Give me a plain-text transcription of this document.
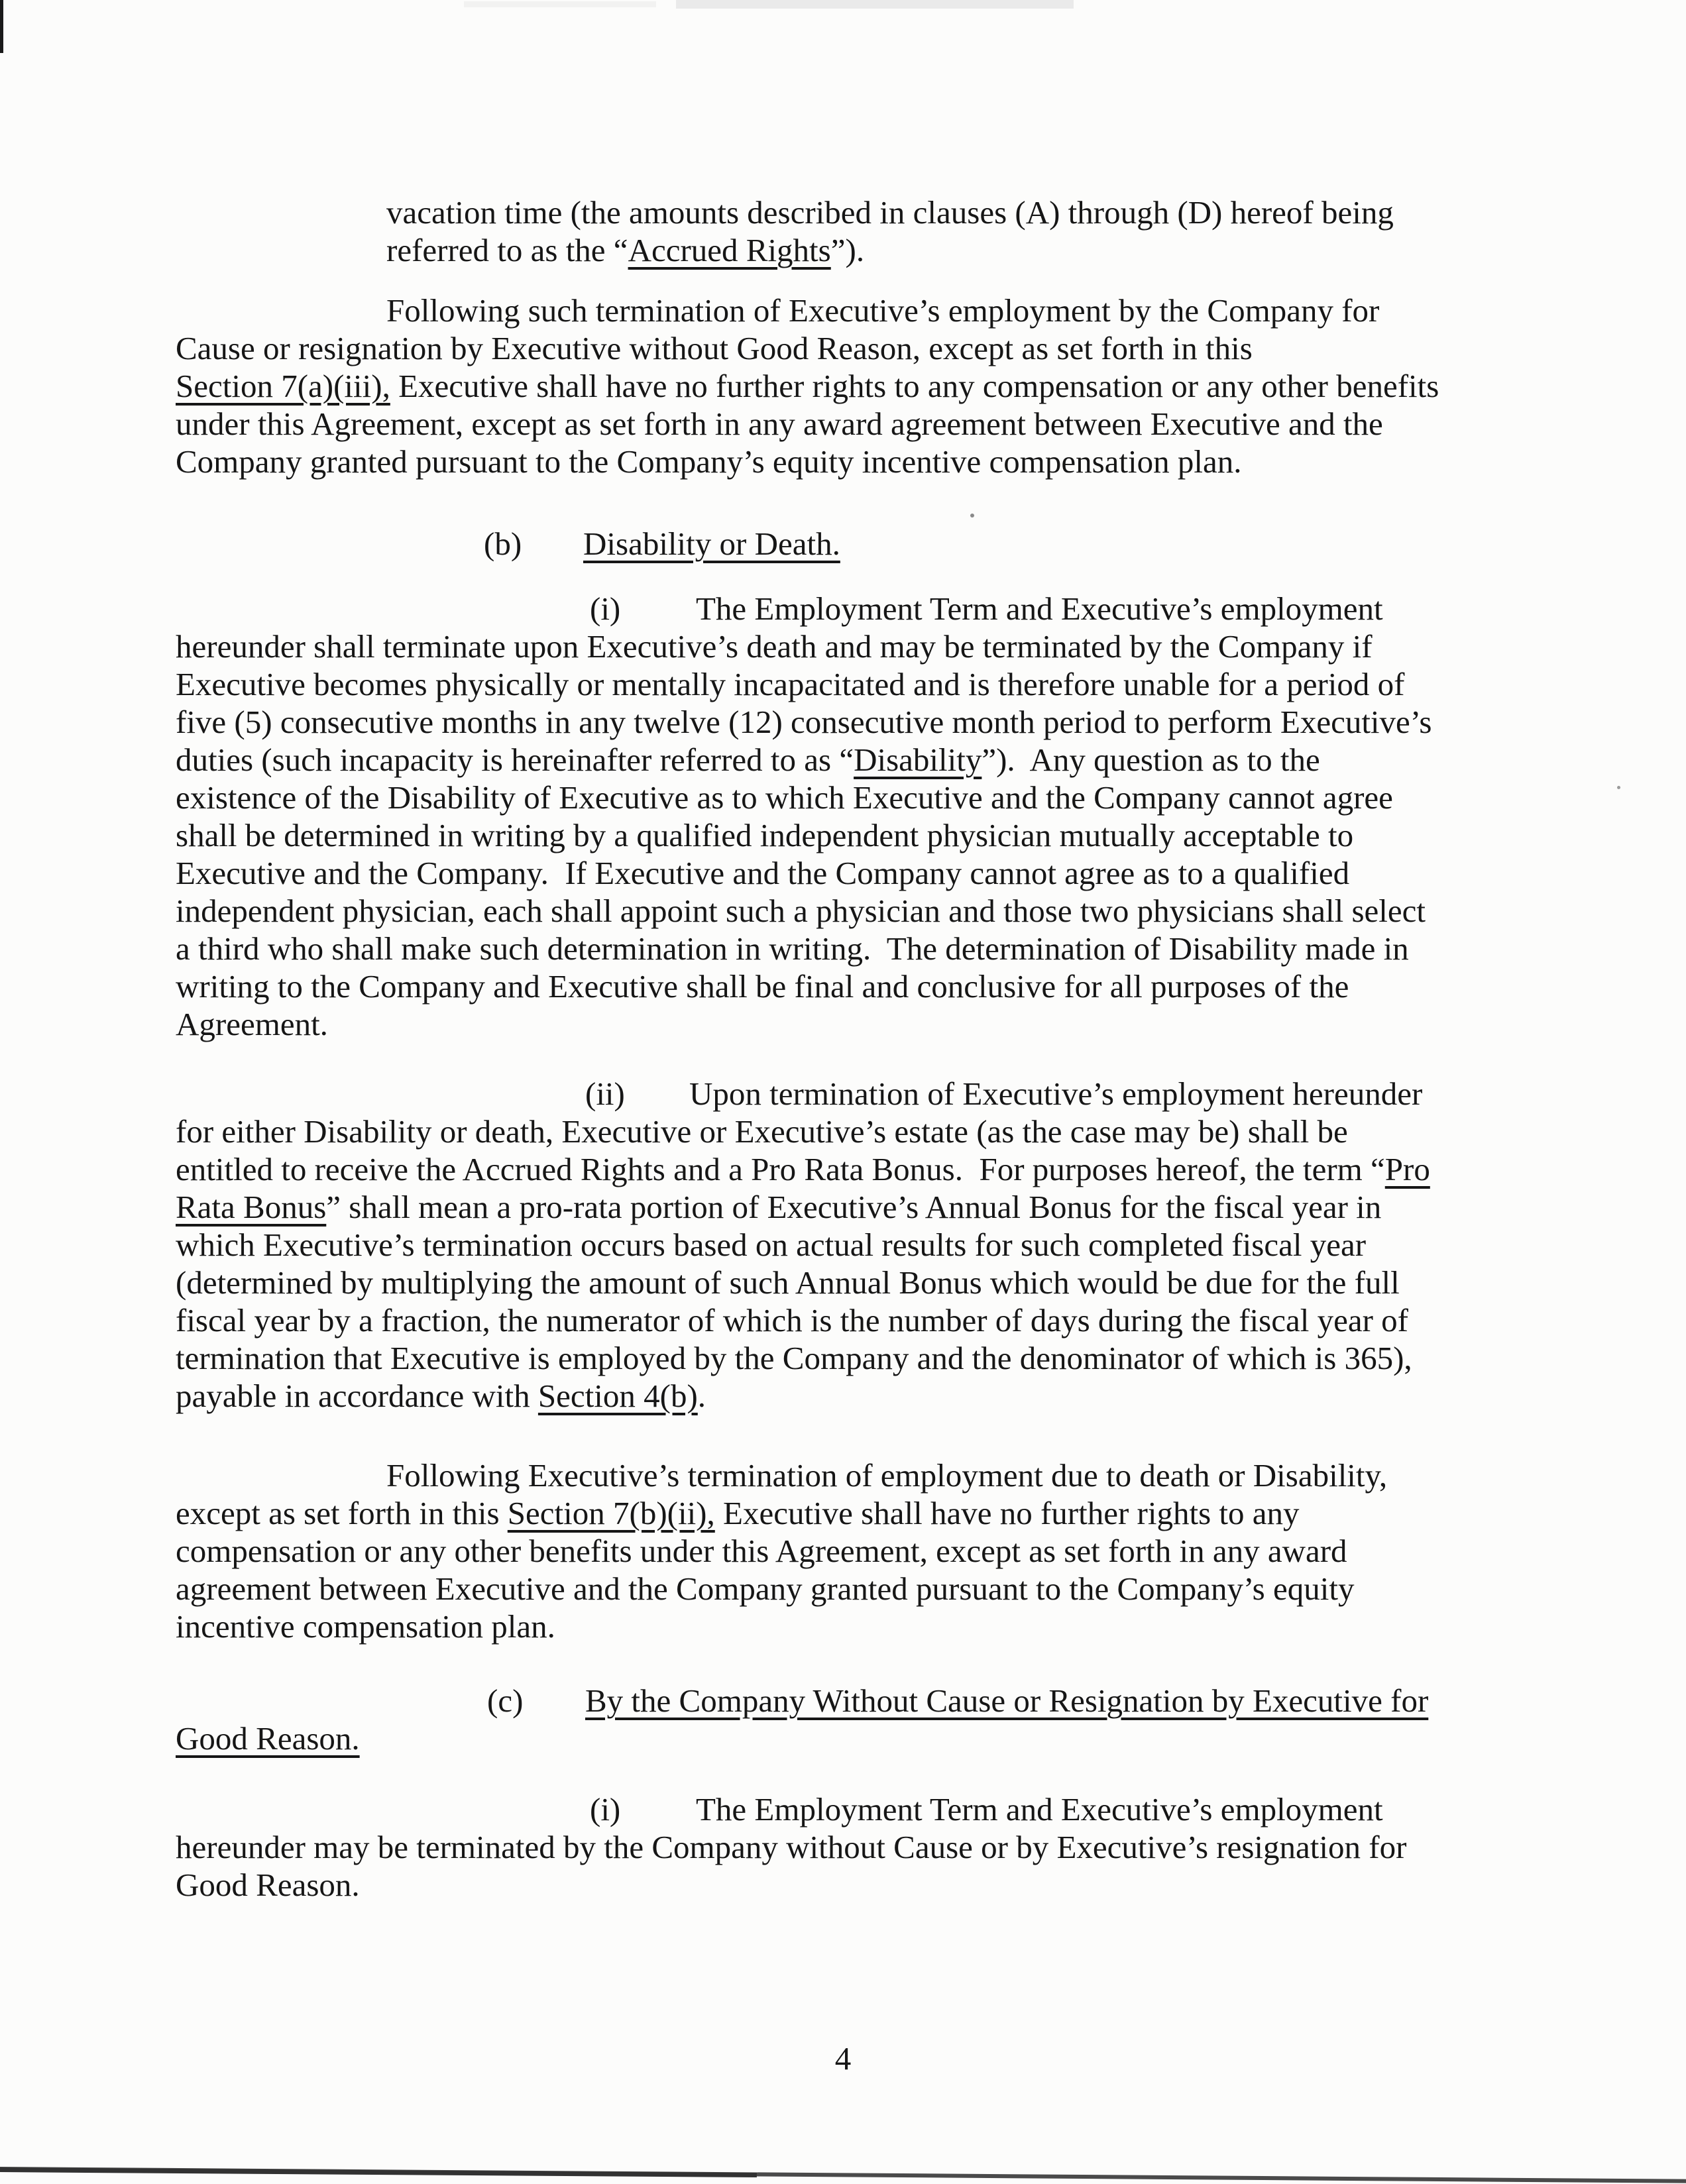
vacation time (the amounts described in clauses (A) through (D) hereof being
referred to as the “Accrued Rights”).
Following such termination of Executive’s employment by the Company for
Cause or resignation by Executive without Good Reason, except as set forth in this
Section 7(a)(iii), Executive shall have no further rights to any compensation or any other benefits
under this Agreement, except as set forth in any award agreement between Executive and the
Company granted pursuant to the Company’s equity incentive compensation plan.
(b) Disability or Death.
(i) The Employment Term and Executive’s employment
hereunder shall terminate upon Executive’s death and may be terminated by the Company if
Executive becomes physically or mentally incapacitated and is therefore unable for a period of
five (5) consecutive months in any twelve (12) consecutive month period to perform Executive’s
duties (such incapacity is hereinafter referred to as “Disability”).  Any question as to the
existence of the Disability of Executive as to which Executive and the Company cannot agree
shall be determined in writing by a qualified independent physician mutually acceptable to
Executive and the Company.  If Executive and the Company cannot agree as to a qualified
independent physician, each shall appoint such a physician and those two physicians shall select
a third who shall make such determination in writing.  The determination of Disability made in
writing to the Company and Executive shall be final and conclusive for all purposes of the
Agreement.
(ii) Upon termination of Executive’s employment hereunder
for either Disability or death, Executive or Executive’s estate (as the case may be) shall be
entitled to receive the Accrued Rights and a Pro Rata Bonus.  For purposes hereof, the term “Pro
Rata Bonus” shall mean a pro-rata portion of Executive’s Annual Bonus for the fiscal year in
which Executive’s termination occurs based on actual results for such completed fiscal year
(determined by multiplying the amount of such Annual Bonus which would be due for the full
fiscal year by a fraction, the numerator of which is the number of days during the fiscal year of
termination that Executive is employed by the Company and the denominator of which is 365),
payable in accordance with Section 4(b).
Following Executive’s termination of employment due to death or Disability,
except as set forth in this Section 7(b)(ii), Executive shall have no further rights to any
compensation or any other benefits under this Agreement, except as set forth in any award
agreement between Executive and the Company granted pursuant to the Company’s equity
incentive compensation plan.
(c) By the Company Without Cause or Resignation by Executive for
Good Reason.
(i) The Employment Term and Executive’s employment
hereunder may be terminated by the Company without Cause or by Executive’s resignation for
Good Reason.
4
